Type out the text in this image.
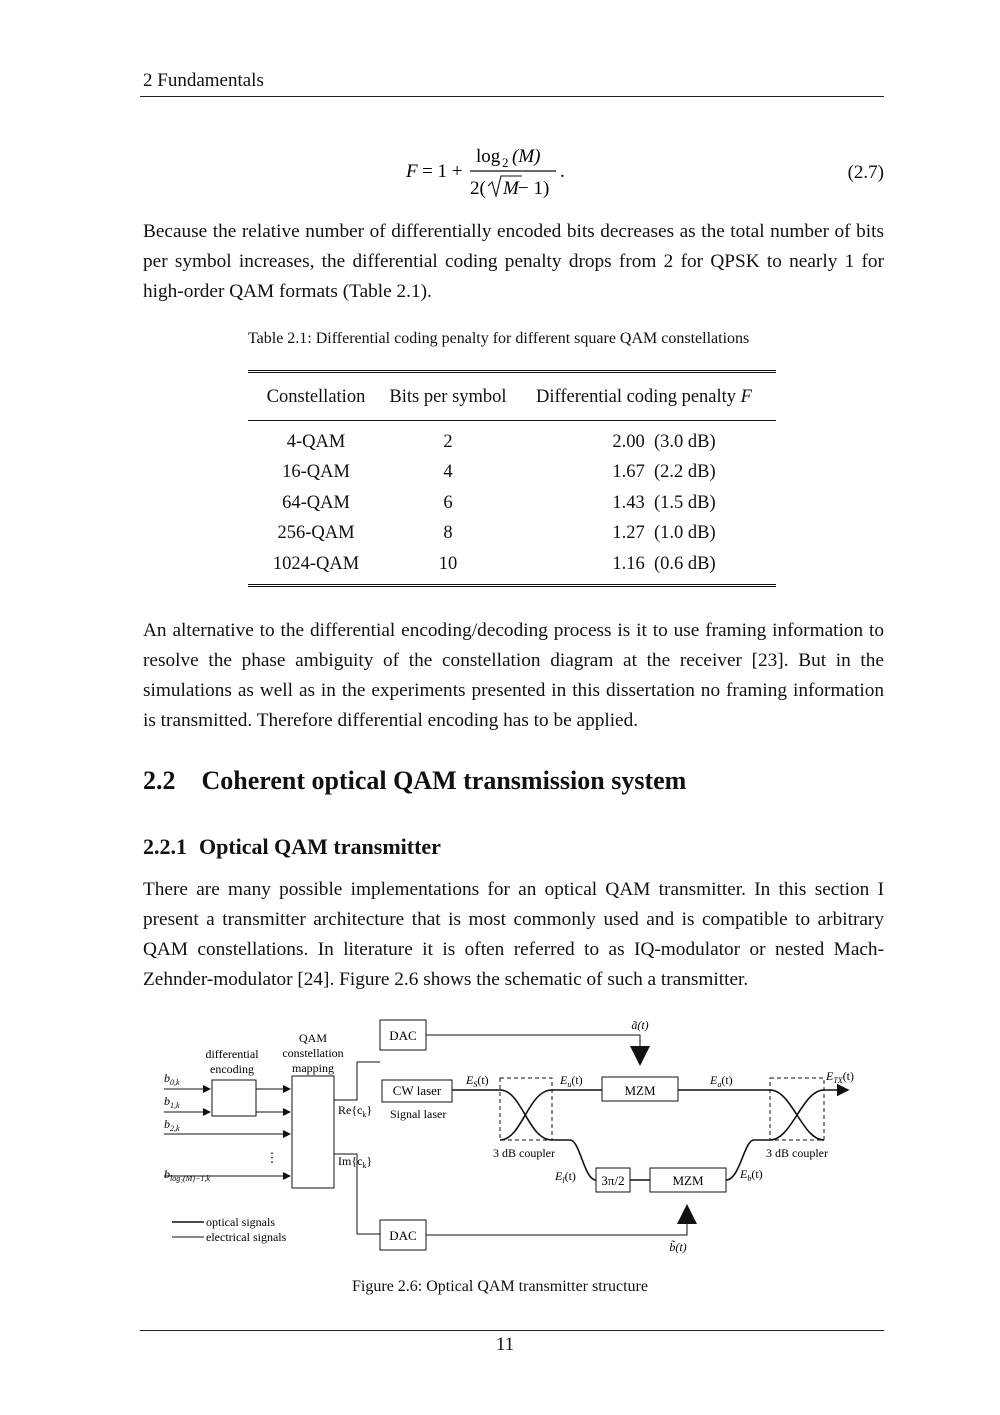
2 Fundamentals
F = 1 +
log 2 (M)
2( M − 1)
.	(2.7)
Because the relative number of differentially encoded bits decreases as the total number of bits per symbol increases, the differential coding penalty drops from 2 for QPSK to nearly 1 for high-order QAM formats (Table 2.1).
Table 2.1: Differential coding penalty for different square QAM constellations
Constellation	Bits per symbol	Differential coding penalty F
4-QAM	2	2.00  (3.0 dB)
16-QAM	4	1.67  (2.2 dB)
64-QAM	6	1.43  (1.5 dB)
256-QAM	8	1.27  (1.0 dB)
1024-QAM	10	1.16  (0.6 dB)
An alternative to the differential encoding/decoding process is it to use framing information to resolve the phase ambiguity of the constellation diagram at the receiver [23]. But in the simulations as well as in the experiments presented in this dissertation no framing information is transmitted. Therefore differential encoding has to be applied.
2.2 Coherent optical QAM transmission system
2.2.1 Optical QAM transmitter
There are many possible implementations for an optical QAM transmitter. In this section I present a transmitter architecture that is most commonly used and is compatible to arbitrary QAM constellations. In literature it is often referred to as IQ-modulator or nested Mach-Zehnder-modulator [24]. Figure 2.6 shows the schematic of such a transmitter.
differential
encoding
QAM
constellation
mapping
$b_{0,k}$
$b_{1,k}$
$b_{2,k}$
$b_{log_2(M)-1,k}$
⋮
$Re\{c_k\}$
$Im\{c_k\}$
DAC
DAC
CW laser
Signal laser
$E_S(t)$	$E_u(t)$
$E_l(t)$
$E_a(t)$
$E_b(t)$
$E_{TX}(t)$
ã(t)
b̃(t)
MZM
MZM
3π/2
3 dB coupler	3 dB coupler
optical signals
electrical signals
Figure 2.6: Optical QAM transmitter structure
11
